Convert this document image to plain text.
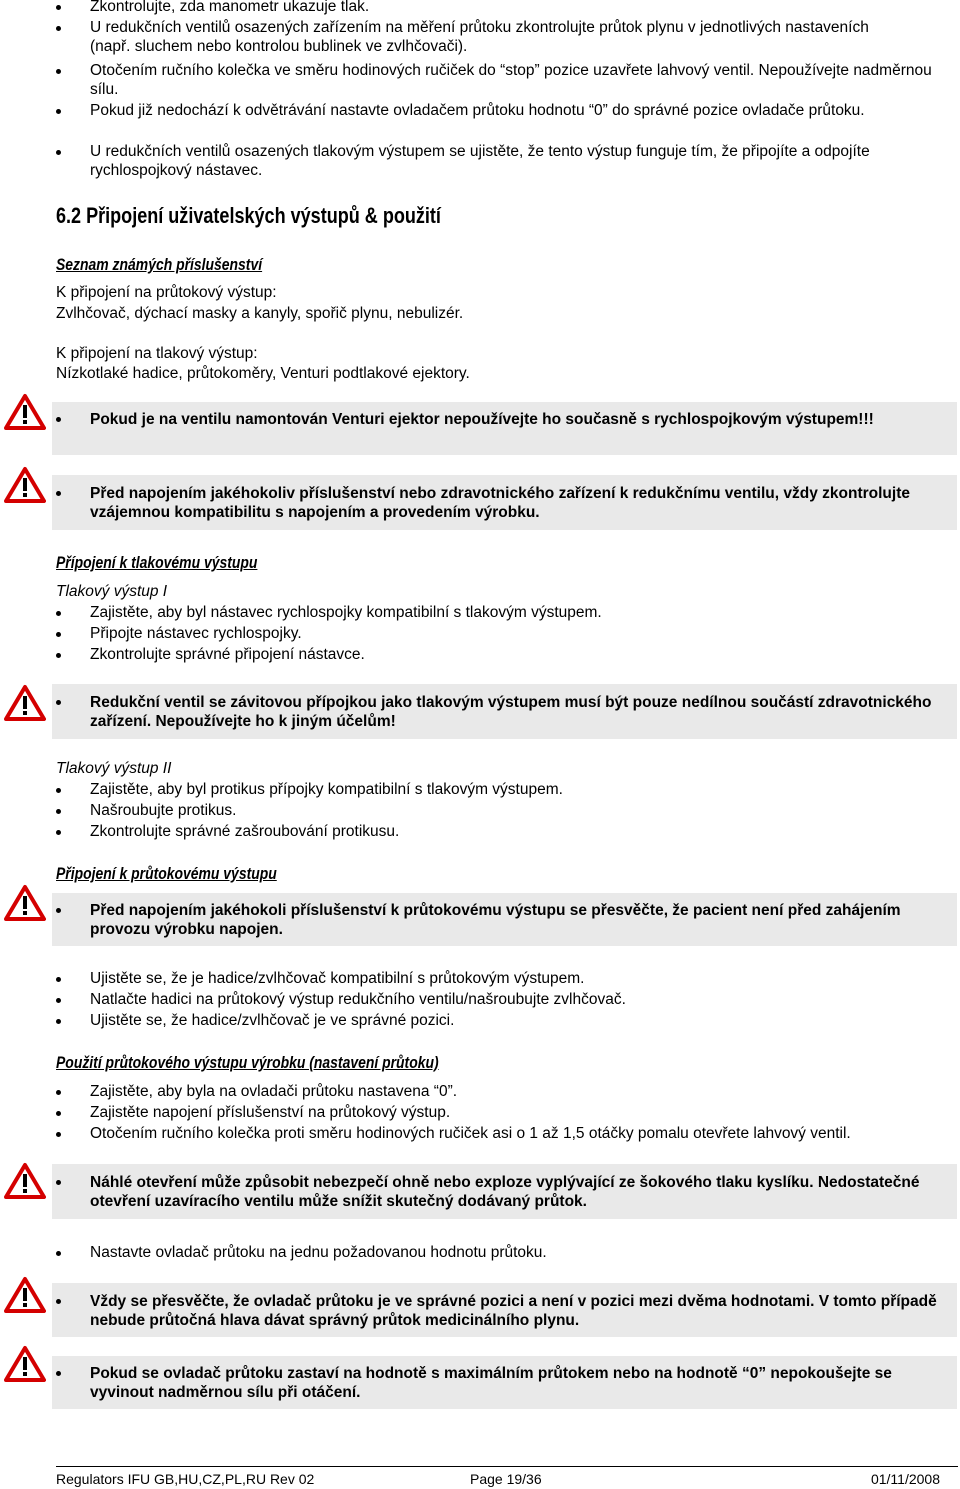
Zkontrolujte, zda manometr ukazuje tlak.
U redukčních ventilů osazených zařízením na měření průtoku zkontrolujte průtok plynu v jednotlivých nastaveních (např. sluchem nebo kontrolou bublinek ve zvlhčovači).
Otočením ručního kolečka ve směru hodinových ručiček do “stop” pozice uzavřete lahvový ventil. Nepoužívejte nadměrnou sílu.
Pokud již nedochází k odvětrávání nastavte ovladačem průtoku hodnotu “0” do správné pozice ovladače průtoku.
U redukčních ventilů osazených tlakovým výstupem se ujistěte, že tento výstup funguje tím, že připojíte a odpojíte rychlospojkový nástavec.
6.2 Připojení uživatelských výstupů & použití
Seznam známých příslušenství
K připojení na průtokový výstup:
Zvlhčovač, dýchací masky a kanyly, spořič plynu, nebulizér.
K připojení na tlakový výstup:
Nízkotlaké hadice, průtokoměry, Venturi podtlakové ejektory.
Pokud je na ventilu namontován Venturi ejektor nepoužívejte ho současně s rychlospojkovým výstupem!!!
Před napojením jakéhokoliv příslušenství nebo zdravotnického zařízení k redukčnímu ventilu, vždy zkontrolujte vzájemnou kompatibilitu s napojením a provedením výrobku.
Přípojení k tlakovému výstupu
Tlakový výstup I
Zajistěte, aby byl nástavec rychlospojky kompatibilní s tlakovým výstupem.
Připojte nástavec rychlospojky.
Zkontrolujte správné připojení nástavce.
Redukční ventil se závitovou přípojkou jako tlakovým výstupem musí být pouze nedílnou součástí zdravotnického zařízení. Nepoužívejte ho k jiným účelům!
Tlakový výstup II
Zajistěte, aby byl protikus přípojky kompatibilní s tlakovým výstupem.
Našroubujte protikus.
Zkontrolujte správné zašroubování protikusu.
Připojení k průtokovému výstupu
Před napojením jakéhokoli příslušenství k průtokovému výstupu se přesvěčte, že pacient není před zahájením provozu výrobku napojen.
Ujistěte se, že je hadice/zvlhčovač kompatibilní s průtokovým výstupem.
Natlačte hadici na průtokový výstup redukčního ventilu/našroubujte zvlhčovač.
Ujistěte se, že hadice/zvlhčovač je ve správné pozici.
Použití průtokového výstupu výrobku (nastavení průtoku)
Zajistěte, aby byla na ovladači průtoku nastavena “0”.
Zajistěte napojení příslušenství na průtokový výstup.
Otočením ručního kolečka proti směru hodinových ručiček asi o 1 až 1,5 otáčky pomalu otevřete lahvový ventil.
Náhlé otevření může způsobit nebezpečí ohně nebo exploze vyplývající ze šokového tlaku kyslíku. Nedostatečné otevření uzavíracího ventilu může snížit skutečný dodávaný průtok.
Nastavte ovladač průtoku na jednu požadovanou hodnotu průtoku.
Vždy se přesvěčte, že ovladač průtoku je ve správné pozici a není v pozici mezi dvěma hodnotami. V tomto případě nebude průtočná hlava dávat správný průtok medicinálního plynu.
Pokud se ovladač průtoku zastaví na hodnotě s maximálním průtokem nebo na hodnotě “0” nepokoušejte se vyvinout nadměrnou sílu při otáčení.
Regulators IFU GB,HU,CZ,PL,RU Rev 02	Page 19/36	01/11/2008
